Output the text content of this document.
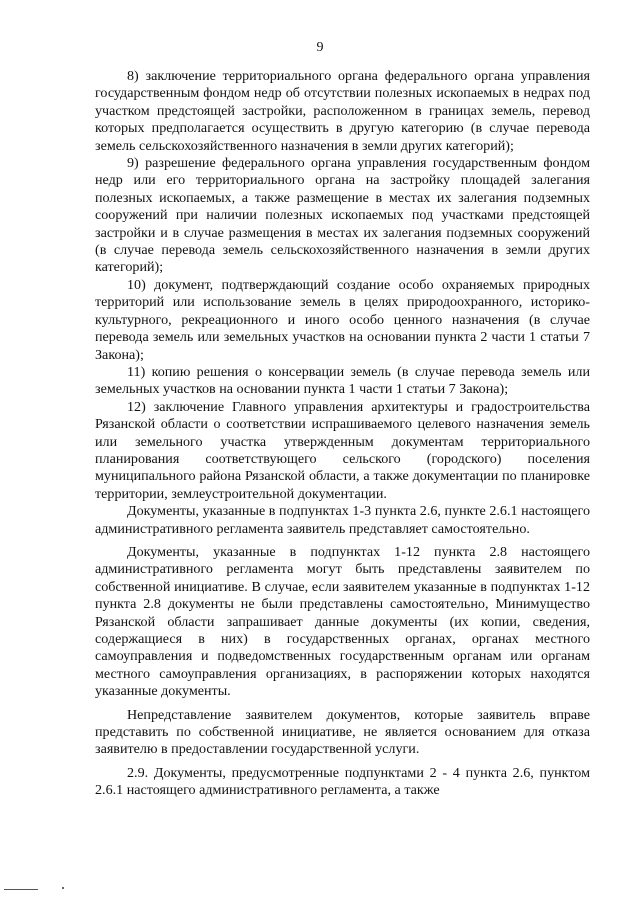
9

8) заключение территориального органа федерального органа управления государственным фондом недр об отсутствии полезных ископаемых в недрах под участком предстоящей застройки, расположенном в границах земель, перевод которых предполагается осуществить в другую категорию (в случае перевода земель сельскохозяйственного назначения в земли других категорий);

9) разрешение федерального органа управления государственным фондом недр или его территориального органа на застройку площадей залегания полезных ископаемых, а также размещение в местах их залегания подземных сооружений при наличии полезных ископаемых под участками предстоящей застройки и в случае размещения в местах их залегания подземных сооружений (в случае перевода земель сельскохозяйственного назначения в земли других категорий);

10) документ, подтверждающий создание особо охраняемых природных территорий или использование земель в целях природоохранного, историко-культурного, рекреационного и иного особо ценного назначения (в случае перевода земель или земельных участков на основании пункта 2 части 1 статьи 7 Закона);

11) копию решения о консервации земель (в случае перевода земель или земельных участков на основании пункта 1 части 1 статьи 7 Закона);

12) заключение Главного управления архитектуры и градостроительства Рязанской области о соответствии испрашиваемого целевого назначения земель или земельного участка утвержденным документам территориального планирования соответствующего сельского (городского) поселения муниципального района Рязанской области, а также документации по планировке территории, землеустроительной документации.

Документы, указанные в подпунктах 1-3 пункта 2.6, пункте 2.6.1 настоящего административного регламента заявитель представляет самостоятельно.

Документы, указанные в подпунктах 1-12 пункта 2.8 настоящего административного регламента могут быть представлены заявителем по собственной инициативе. В случае, если заявителем указанные в подпунктах 1-12 пункта 2.8 документы не были представлены самостоятельно, Минимущество Рязанской области запрашивает данные документы (их копии, сведения, содержащиеся в них) в государственных органах, органах местного самоуправления и подведомственных государственным органам или органам местного самоуправления организациях, в распоряжении которых находятся указанные документы.

Непредставление заявителем документов, которые заявитель вправе представить по собственной инициативе, не является основанием для отказа заявителю в предоставлении государственной услуги.

2.9. Документы, предусмотренные подпунктами 2 - 4 пункта 2.6, пунктом 2.6.1 настоящего административного регламента, а также
